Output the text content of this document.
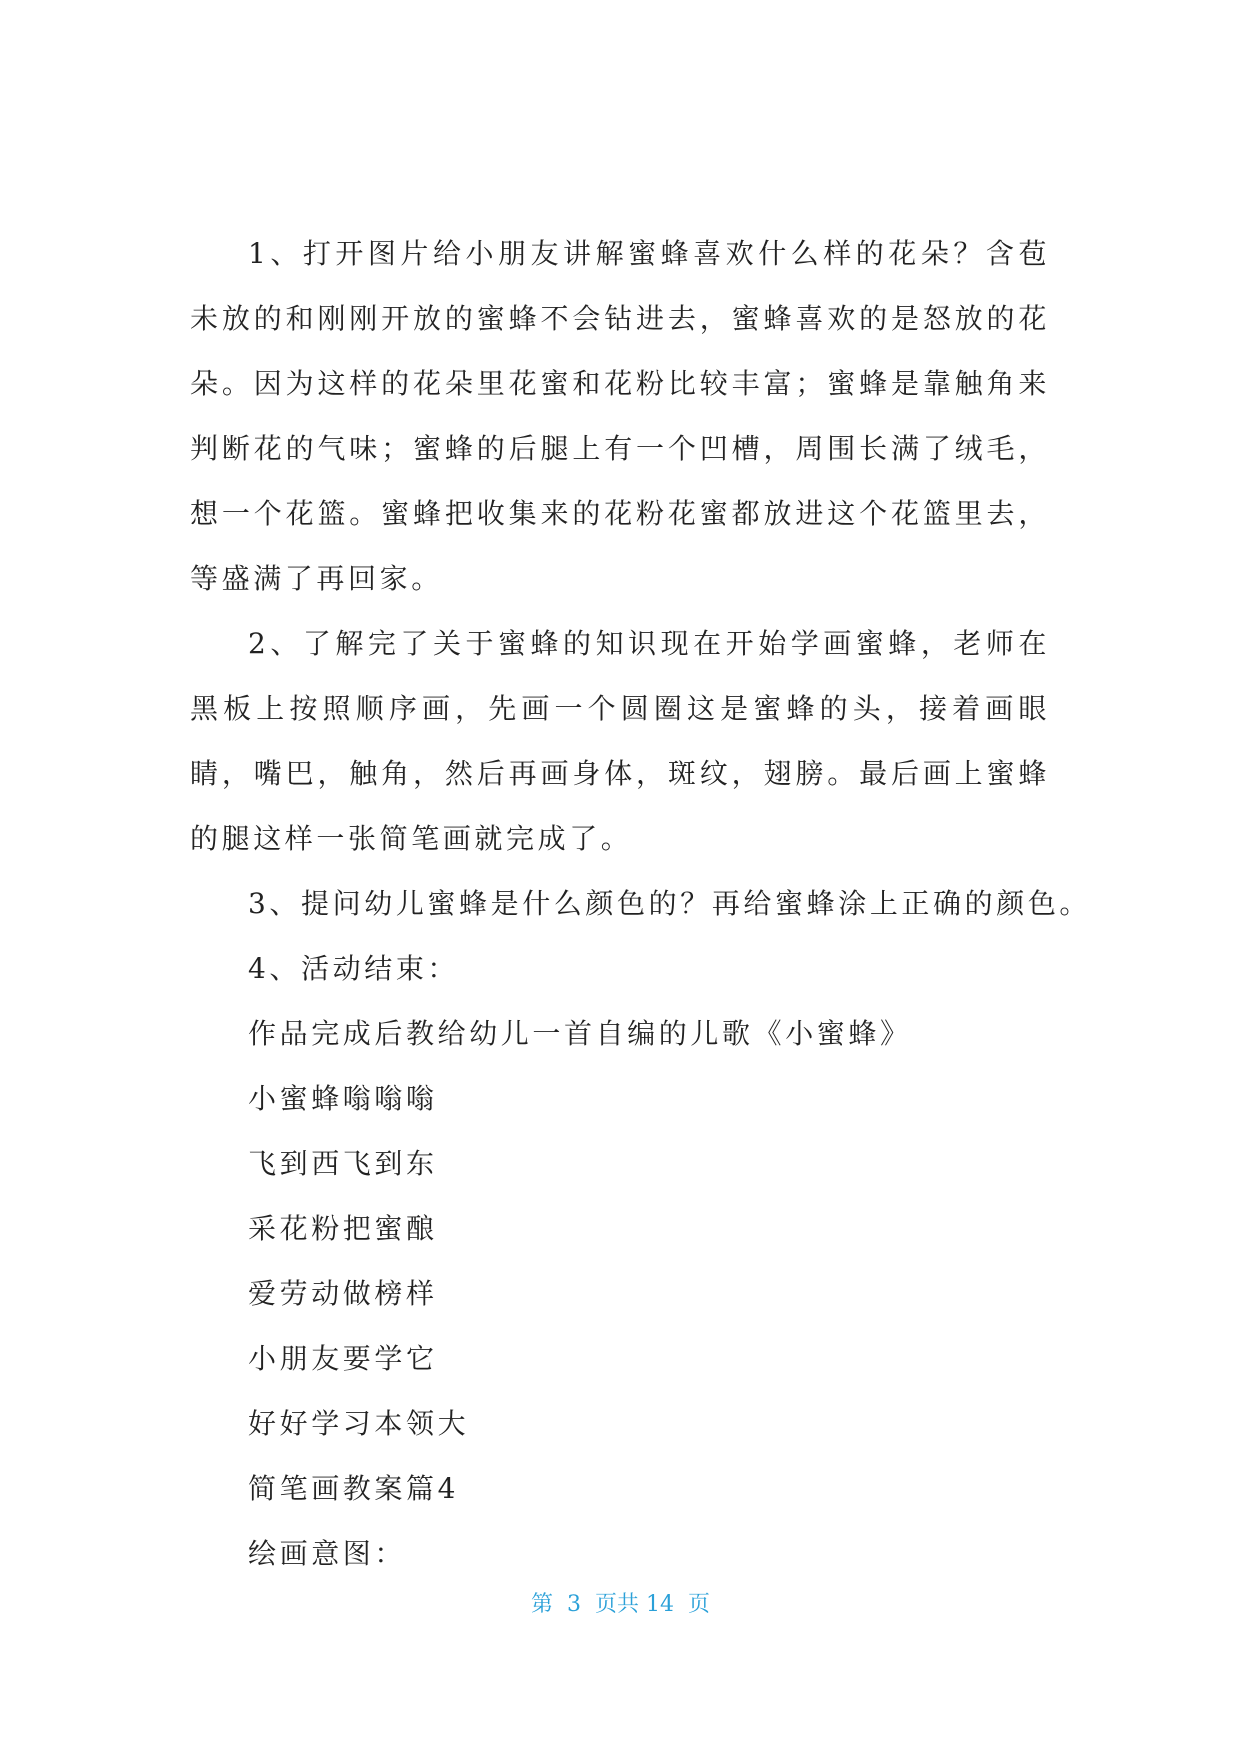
1、打开图片给小朋友讲解蜜蜂喜欢什么样的花朵？含苞未放的和刚刚开放的蜜蜂不会钻进去，蜜蜂喜欢的是怒放的花朵。因为这样的花朵里花蜜和花粉比较丰富；蜜蜂是靠触角来判断花的气味；蜜蜂的后腿上有一个凹槽，周围长满了绒毛，想一个花篮。蜜蜂把收集来的花粉花蜜都放进这个花篮里去，等盛满了再回家。

2、了解完了关于蜜蜂的知识现在开始学画蜜蜂，老师在黑板上按照顺序画，先画一个圆圈这是蜜蜂的头，接着画眼睛，嘴巴，触角，然后再画身体，斑纹，翅膀。最后画上蜜蜂的腿这样一张简笔画就完成了。

3、提问幼儿蜜蜂是什么颜色的？再给蜜蜂涂上正确的颜色。

4、活动结束：

作品完成后教给幼儿一首自编的儿歌《小蜜蜂》

小蜜蜂嗡嗡嗡

飞到西飞到东

采花粉把蜜酿

爱劳动做榜样

小朋友要学它

好好学习本领大

简笔画教案篇4

绘画意图：

第  3  页共 14  页
